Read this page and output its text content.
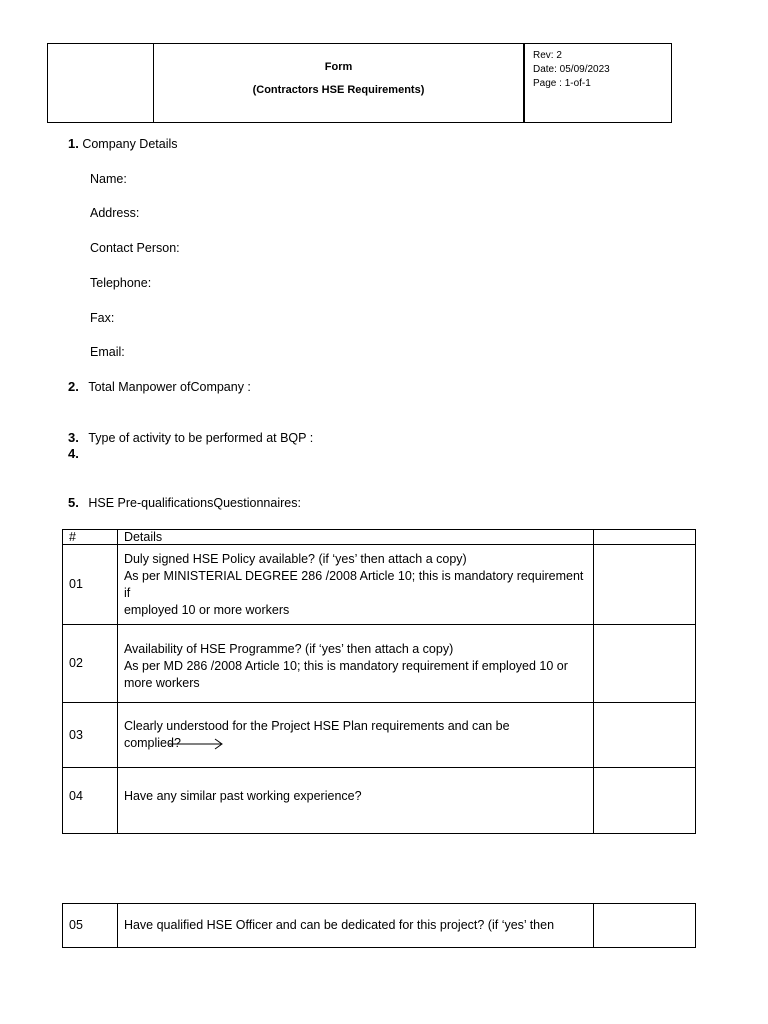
Form
(Contractors HSE Requirements)
Rev: 2
Date: 05/09/2023
Page : 1-of-1
1. Company Details
Name:
Address:
Contact Person:
Telephone:
Fax:
Email:
2. Total Manpower ofCompany :
3. Type of activity to be performed at BQP :
4.
5. HSE Pre-qualificationsQuestionnaires:
#	Details	
01	Duly signed HSE Policy available? (if ‘yes’ then attach a copy)
As per MINISTERIAL DEGREE 286 /2008 Article 10; this is mandatory requirement if
employed 10 or more workers	

02	Availability of HSE Programme? (if ‘yes’ then attach a copy)
As per MD 286 /2008 Article 10; this is mandatory requirement if employed 10 or
more workers	

03	Clearly understood for the Project HSE Plan requirements and can be
complied?	

04	Have any similar past working experience?	

05	Have qualified HSE Officer and can be dedicated for this project? (if ‘yes’ then
